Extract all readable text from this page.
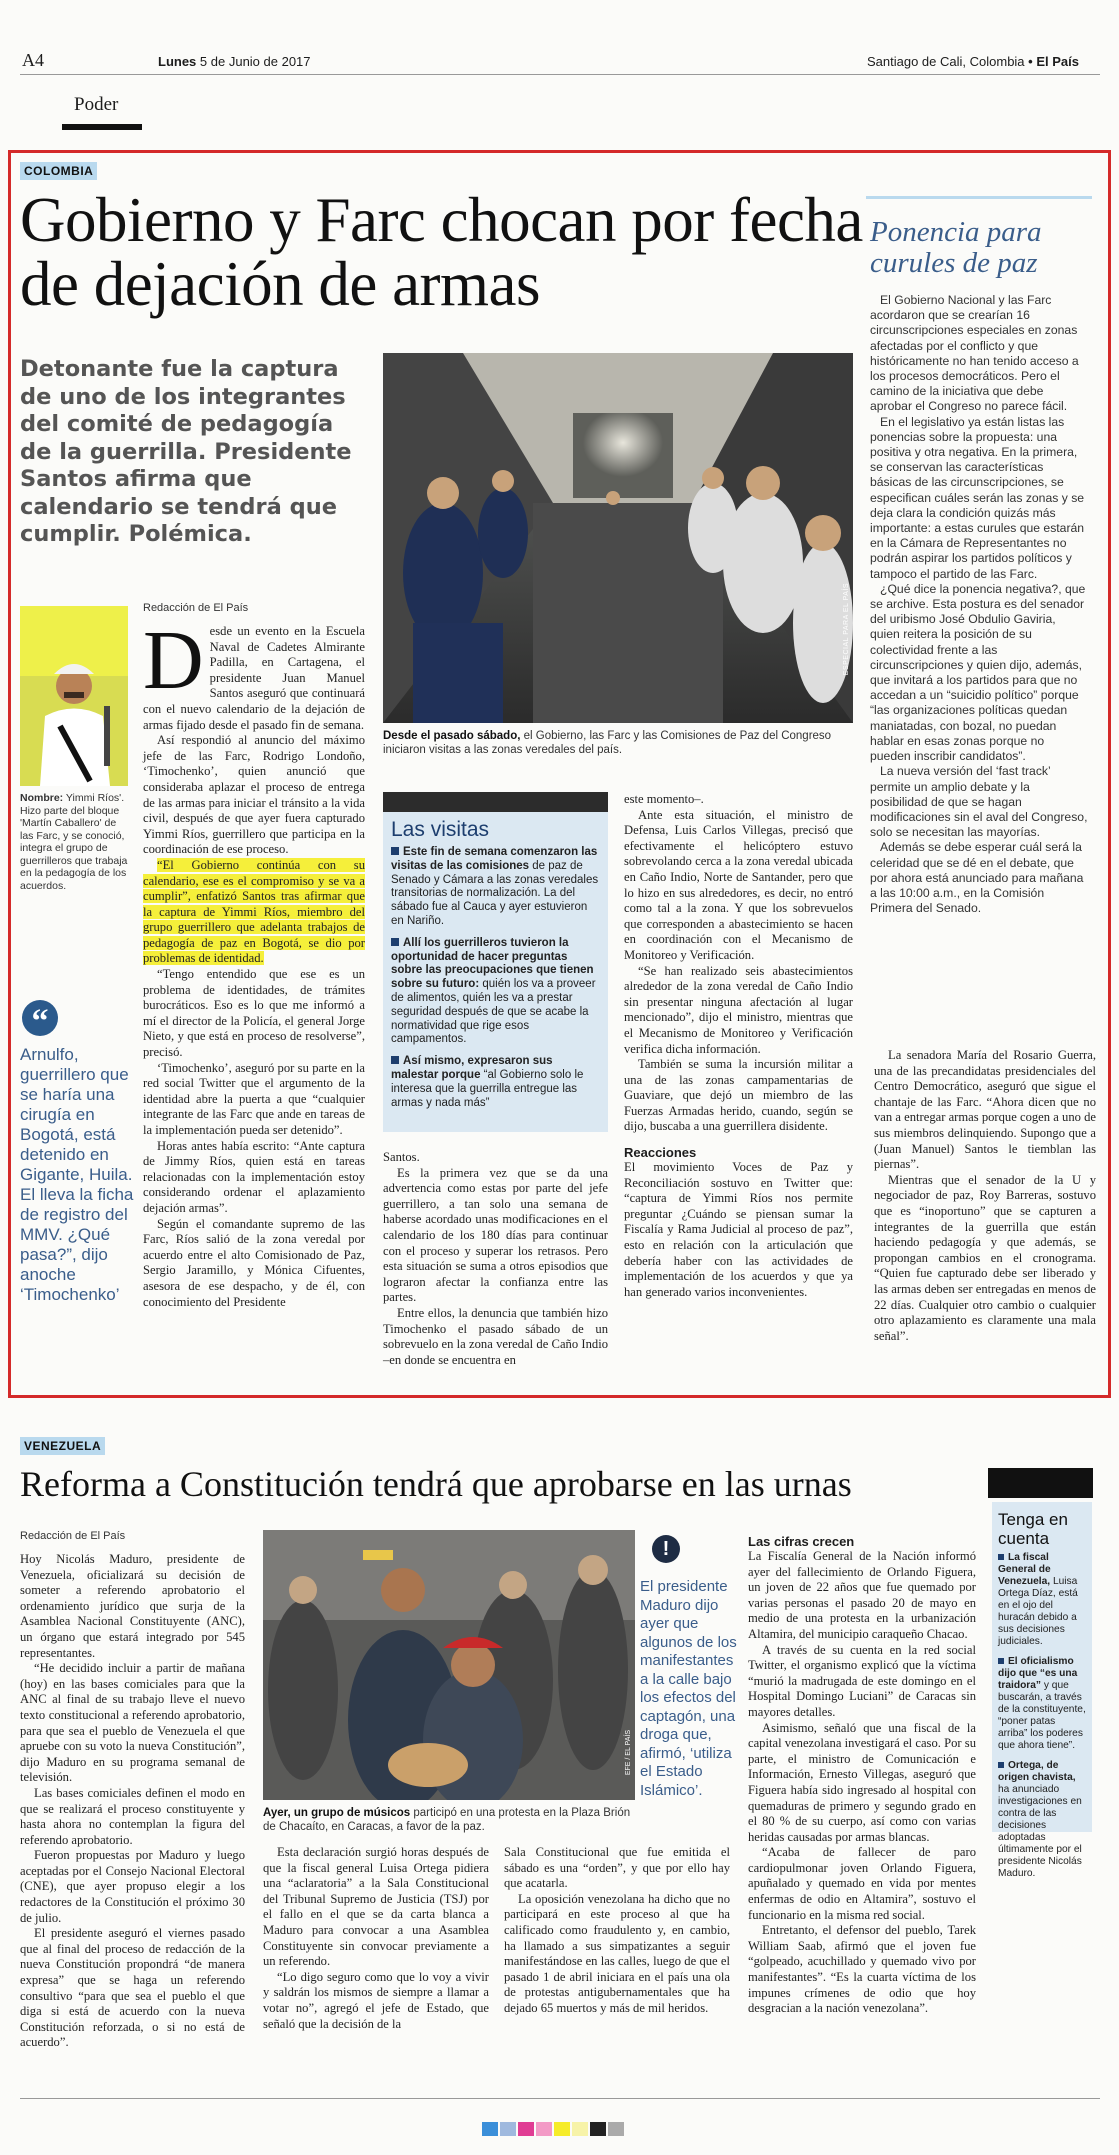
A4	Lunes 5 de Junio de 2017	Santiago de Cali, Colombia • El País
Poder
COLOMBIA
Gobierno y Farc chocan por fecha de dejación de armas
Detonante fue la captura de uno de los integrantes del comité de pedagogía de la guerrilla. Presidente Santos afirma que calendario se tendrá que cumplir. Polémica.
ESPECIAL PARA EL PAÍS
Desde el pasado sábado, el Gobierno, las Farc y las Comisiones de Paz del Congreso iniciaron visitas a las zonas veredales del país.
Nombre: Yimmi Ríos'. Hizo parte del bloque 'Martín Caballero' de las Farc, y se conoció, integra el grupo de guerrilleros que trabaja en la pedagogía de los acuerdos.
“
Arnulfo, guerrillero que se haría una cirugía en Bogotá, está detenido en Gigante, Huila. El lleva la ficha de registro del MMV. ¿Qué pasa?”, dijo anoche ‘Timochenko’
Redacción de El País
D esde un evento en la Escuela Naval de Cadetes Almirante Padilla, en Cartagena, el presidente Juan Manuel Santos aseguró que continuará con el nuevo calendario de la dejación de armas fijado desde el pasado fin de semana.

Así respondió al anuncio del máximo jefe de las Farc, Rodrigo Londoño, ‘Timochenko’, quien anunció que consideraba aplazar el proceso de entrega de las armas para iniciar el tránsito a la vida civil, después de que ayer fuera capturado Yimmi Ríos, guerrillero que participa en la coordinación de ese proceso.

“El Gobierno continúa con su calendario, ese es el compromiso y se va a cumplir”, enfatizó Santos tras afirmar que la captura de Yimmi Ríos, miembro del grupo guerrillero que adelanta trabajos de pedagogía de paz en Bogotá, se dio por problemas de identidad.

“Tengo entendido que ese es un problema de identidades, de trámites burocráticos. Eso es lo que me informó a mí el director de la Policía, el general Jorge Nieto, y que está en proceso de resolverse”, precisó.

‘Timochenko’, aseguró por su parte en la red social Twitter que el argumento de la identidad abre la puerta a que “cualquier integrante de las Farc que ande en tareas de la implementación pueda ser detenido”.

Horas antes había escrito: “Ante captura de Jimmy Ríos, quien está en tareas relacionadas con la implementación estoy considerando ordenar el aplazamiento dejación armas”.

Según el comandante supremo de las Farc, Ríos salió de la zona veredal por acuerdo entre el alto Comisionado de Paz, Sergio Jaramillo, y Mónica Cifuentes, asesora de ese despacho, y de él, con conocimiento del Presidente

Las visitas
Este fin de semana comenzaron las visitas de las comisiones de paz de Senado y Cámara a las zonas veredales transitorias de normalización. La del sábado fue al Cauca y ayer estuvieron en Nariño.
Allí los guerrilleros tuvieron la oportunidad de hacer preguntas sobre las preocupaciones que tienen sobre su futuro: quién los va a proveer de alimentos, quién les va a prestar seguridad después de que se acabe la normatividad que rige esos campamentos.
Así mismo, expresaron sus malestar porque “al Gobierno solo le interesa que la guerrilla entregue las armas y nada más”

Santos.

Es la primera vez que se da una advertencia como estas por parte del jefe guerrillero, a tan solo una semana de haberse acordado unas modificaciones en el calendario de los 180 días para continuar con el proceso y superar los retrasos. Pero esta situación se suma a otros episodios que lograron afectar la confianza entre las partes.

Entre ellos, la denuncia que también hizo Timochenko el pasado sábado de un sobrevuelo en la zona veredal de Caño Indio –en donde se encuentra en

este momento–.

Ante esta situación, el ministro de Defensa, Luis Carlos Villegas, precisó que efectivamente el helicóptero estuvo sobrevolando cerca a la zona veredal ubicada en Caño Indio, Norte de Santander, pero que lo hizo en sus alrededores, es decir, no entró como tal a la zona. Y que los sobrevuelos que corresponden a abastecimiento se hacen en coordinación con el Mecanismo de Monitoreo y Verificación.

“Se han realizado seis abastecimientos alrededor de la zona veredal de Caño Indio sin presentar ninguna afectación al lugar mencionado”, dijo el ministro, mientras que el Mecanismo de Monitoreo y Verificación verifica dicha información.

También se suma la incursión militar a una de las zonas campamentarias de Guaviare, que dejó un miembro de las Fuerzas Armadas herido, cuando, según se dijo, buscaba a una guerrillera disidente.

Reacciones

El movimiento Voces de Paz y Reconciliación sostuvo en Twitter que: “captura de Yimmi Ríos nos permite preguntar ¿Cuándo se piensan sumar la Fiscalía y Rama Judicial al proceso de paz”, esto en relación con la articulación que debería haber con las actividades de implementación de los acuerdos y que ya han generado varios inconvenientes.

Ponencia para curules de paz
El Gobierno Nacional y las Farc acordaron que se crearían 16 circunscripciones especiales en zonas afectadas por el conflicto y que históricamente no han tenido acceso a los procesos democráticos. Pero el camino de la iniciativa que debe aprobar el Congreso no parece fácil.
En el legislativo ya están listas las ponencias sobre la propuesta: una positiva y otra negativa. En la primera, se conservan las características básicas de las circunscripciones, se especifican cuáles serán las zonas y se deja clara la condición quizás más importante: a estas curules que estarán en la Cámara de Representantes no podrán aspirar los partidos políticos y tampoco el partido de las Farc.
¿Qué dice la ponencia negativa?, que se archive. Esta postura es del senador del uribismo José Obdulio Gaviria, quien reitera la posición de su colectividad frente a las circunscripciones y quien dijo, además, que invitará a los partidos para que no accedan a un “suicidio político” porque “las organizaciones políticas quedan maniatadas, con bozal, no puedan hablar en esas zonas porque no pueden inscribir candidatos”.
La nueva versión del ‘fast track’ permite un amplio debate y la posibilidad de que se hagan modificaciones sin el aval del Congreso, solo se necesitan las mayorías.
Además se debe esperar cuál será la celeridad que se dé en el debate, que por ahora está anunciado para mañana a las 10:00 a.m., en la Comisión Primera del Senado.

La senadora María del Rosario Guerra, una de las precandidatas presidenciales del Centro Democrático, aseguró que sigue el chantaje de las Farc. “Ahora dicen que no van a entregar armas porque cogen a uno de sus miembros delinquiendo. Supongo que a (Juan Manuel) Santos le tiemblan las piernas”.

Mientras que el senador de la U y negociador de paz, Roy Barreras, sostuvo que es “inoportuno” que se capturen a integrantes de la guerrilla que están haciendo pedagogía y que además, se propongan cambios en el cronograma. “Quien fue capturado debe ser liberado y las armas deben ser entregadas en menos de 22 días. Cualquier otro cambio o cualquier otro aplazamiento es claramente una mala señal”.

VENEZUELA
Reforma a Constitución tendrá que aprobarse en las urnas
Redacción de El País

Hoy Nicolás Maduro, presidente de Venezuela, oficializará su decisión de someter a referendo aprobatorio el ordenamiento jurídico que surja de la Asamblea Nacional Constituyente (ANC), un órgano que estará integrado por 545 representantes.

“He decidido incluir a partir de mañana (hoy) en las bases comiciales para que la ANC al final de su trabajo lleve el nuevo texto constitucional a referendo aprobatorio, para que sea el pueblo de Venezuela el que apruebe con su voto la nueva Constitución”, dijo Maduro en su programa semanal de televisión.

Las bases comiciales definen el modo en que se realizará el proceso constituyente y hasta ahora no contemplan la figura del referendo aprobatorio.

Fueron propuestas por Maduro y luego aceptadas por el Consejo Nacional Electoral (CNE), que ayer propuso elegir a los redactores de la Constitución el próximo 30 de julio.

El presidente aseguró el viernes pasado que al final del proceso de redacción de la nueva Constitución propondrá “de manera expresa” que se haga un referendo consultivo “para que sea el pueblo el que diga si está de acuerdo con la nueva Constitución reforzada, o si no está de acuerdo”.

EFE / EL PAÍS
Ayer, un grupo de músicos participó en una protesta en la Plaza Brión de Chacaíto, en Caracas, a favor de la paz.
!
El presidente Maduro dijo ayer que algunos de los manifestantes a la calle bajo los efectos del captagón, una droga que, afirmó, ‘utiliza el Estado Islámico’.

Esta declaración surgió horas después de que la fiscal general Luisa Ortega pidiera una “aclaratoria” a la Sala Constitucional del Tribunal Supremo de Justicia (TSJ) por el fallo en el que se da carta blanca a Maduro para convocar a una Asamblea Constituyente sin convocar previamente a un referendo.

“Lo digo seguro como que lo voy a vivir y saldrán los mismos de siempre a llamar a votar no”, agregó el jefe de Estado, que señaló que la decisión de la

Sala Constitucional que fue emitida el sábado es una “orden”, y que por ello hay que acatarla.

La oposición venezolana ha dicho que no participará en este proceso al que ha calificado como fraudulento y, en cambio, ha llamado a sus simpatizantes a seguir manifestándose en las calles, luego de que el pasado 1 de abril iniciara en el país una ola de protestas antigubernamentales que ha dejado 65 muertos y más de mil heridos.

Las cifras crecen

La Fiscalía General de la Nación informó ayer del fallecimiento de Orlando Figuera, un joven de 22 años que fue quemado por varias personas el pasado 20 de mayo en medio de una protesta en la urbanización Altamira, del municipio caraqueño Chacao.

A través de su cuenta en la red social Twitter, el organismo explicó que la víctima “murió la madrugada de este domingo en el Hospital Domingo Luciani” de Caracas sin mayores detalles.

Asimismo, señaló que una fiscal de la capital venezolana investigará el caso. Por su parte, el ministro de Comunicación e Información, Ernesto Villegas, aseguró que Figuera había sido ingresado al hospital con quemaduras de primero y segundo grado en el 80 % de su cuerpo, así como con varias heridas causadas por armas blancas.

“Acaba de fallecer de paro cardiopulmonar joven Orlando Figuera, apuñalado y quemado en vida por mentes enfermas de odio en Altamira”, sostuvo el funcionario en la misma red social.

Entretanto, el defensor del pueblo, Tarek William Saab, afirmó que el joven fue “golpeado, acuchillado y quemado vivo por manifestantes”. “Es la cuarta víctima de los impunes crímenes de odio que hoy desgracian a la nación venezolana”.

Tenga en cuenta
La fiscal General de Venezuela, Luisa Ortega Díaz, está en el ojo del huracán debido a sus decisiones judiciales.
El oficialismo dijo que “es una traidora” y que buscarán, a través de la constituyente, “poner patas arriba” los poderes que ahora tiene”.
Ortega, de origen chavista, ha anunciado investigaciones en contra de las decisiones adoptadas últimamente por el presidente Nicolás Maduro.
